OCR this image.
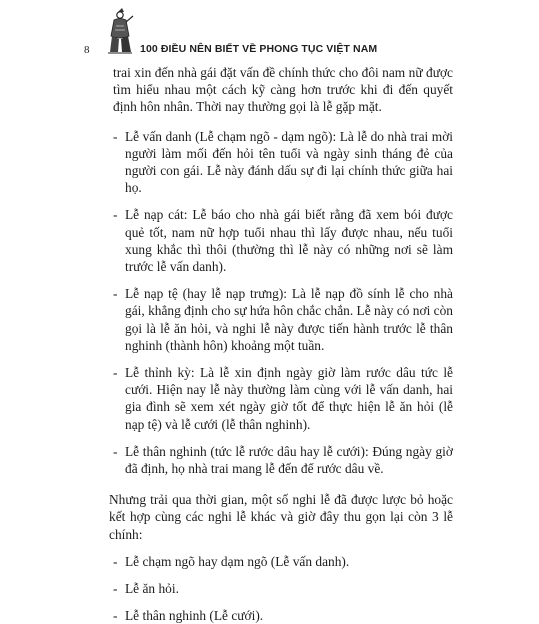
8	100 ĐIỀU NÊN BIẾT VỀ PHONG TỤC VIỆT NAM

trai xin đến nhà gái đặt vấn đề chính thức cho đôi nam nữ được tìm hiểu nhau một cách kỹ càng hơn trước khi đi đến quyết định hôn nhân. Thời nay thường gọi là lễ gặp mặt.

- Lễ vấn danh (Lễ chạm ngõ - dạm ngõ): Là lễ do nhà trai mời người làm mối đến hỏi tên tuổi và ngày sinh tháng đẻ của người con gái. Lễ này đánh dấu sự đi lại chính thức giữa hai họ.

- Lễ nạp cát: Lễ báo cho nhà gái biết rằng đã xem bói được quẻ tốt, nam nữ hợp tuổi nhau thì lấy được nhau, nếu tuổi xung khắc thì thôi (thường thì lễ này có những nơi sẽ làm trước lễ vấn danh).

- Lễ nạp tệ (hay lễ nạp trưng): Là lễ nạp đồ sính lễ cho nhà gái, khẳng định cho sự hứa hôn chắc chắn. Lễ này có nơi còn gọi là lễ ăn hỏi, và nghi lễ này được tiến hành trước lễ thân nghinh (thành hôn) khoảng một tuần.

- Lễ thỉnh kỳ: Là lễ xin định ngày giờ làm rước dâu tức lễ cưới. Hiện nay lễ này thường làm cùng với lễ vấn danh, hai gia đình sẽ xem xét ngày giờ tốt để thực hiện lễ ăn hỏi (lễ nạp tệ) và lễ cưới (lễ thân nghinh).

- Lễ thân nghinh (tức lễ rước dâu hay lễ cưới): Đúng ngày giờ đã định, họ nhà trai mang lễ đến để rước dâu về.

Nhưng trải qua thời gian, một số nghi lễ đã được lược bỏ hoặc kết hợp cùng các nghi lễ khác và giờ đây thu gọn lại còn 3 lễ chính:

- Lễ chạm ngõ hay dạm ngõ (Lễ vấn danh).

- Lễ ăn hỏi.

- Lễ thân nghinh (Lễ cưới).
